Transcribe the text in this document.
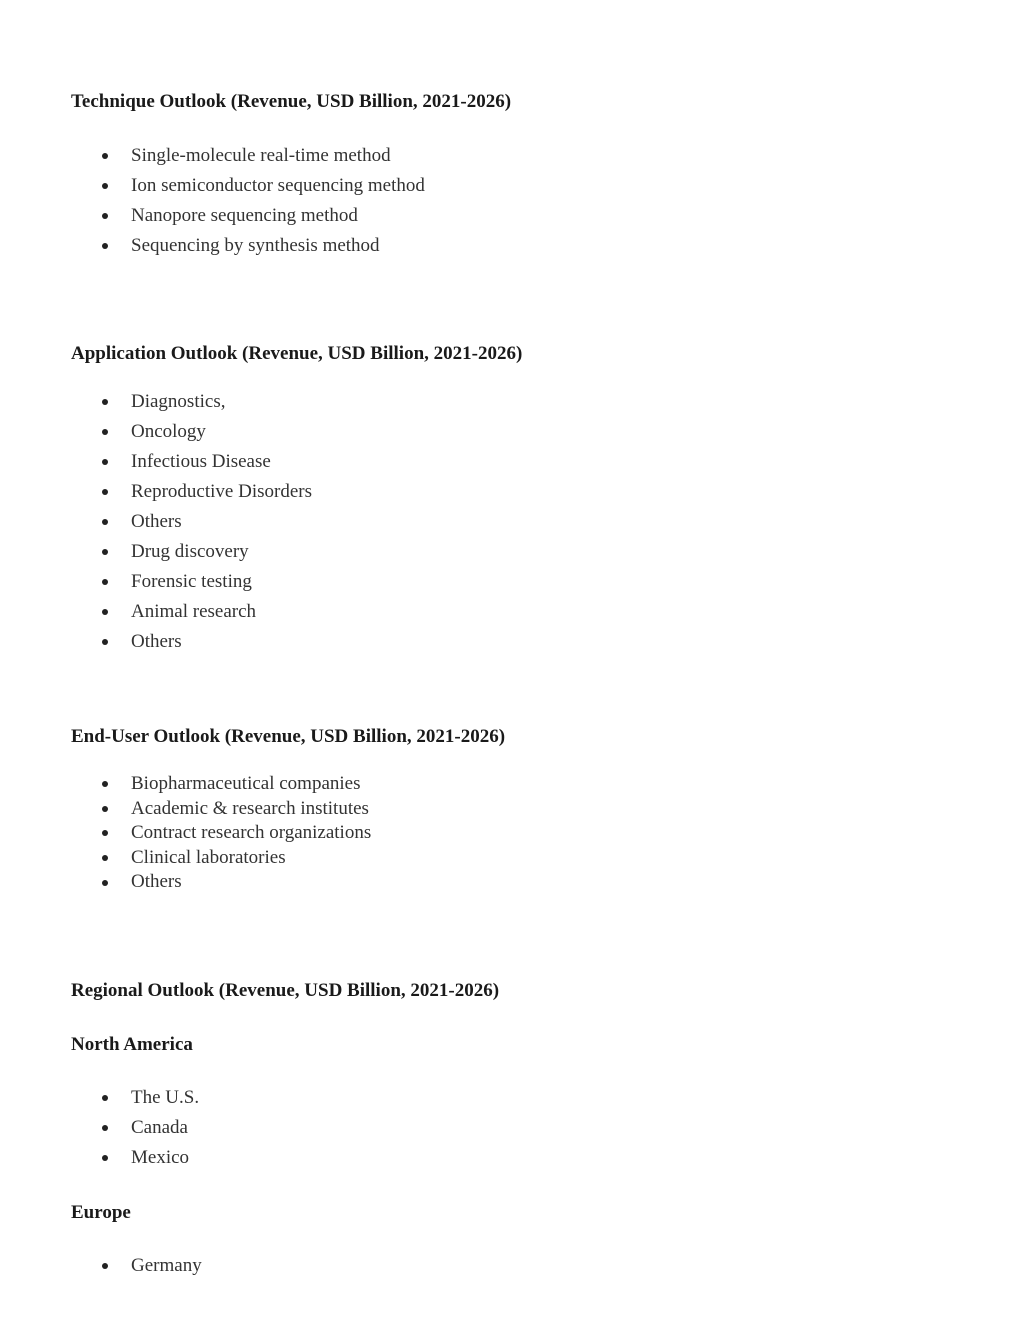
Technique Outlook (Revenue, USD Billion, 2021-2026)
Single-molecule real-time method
Ion semiconductor sequencing method
Nanopore sequencing method
Sequencing by synthesis method
Application Outlook (Revenue, USD Billion, 2021-2026)
Diagnostics,
Oncology
Infectious Disease
Reproductive Disorders
Others
Drug discovery
Forensic testing
Animal research
Others
End-User Outlook (Revenue, USD Billion, 2021-2026)
Biopharmaceutical companies
Academic & research institutes
Contract research organizations
Clinical laboratories
Others
Regional Outlook (Revenue, USD Billion, 2021-2026)
North America
The U.S.
Canada
Mexico
Europe
Germany
